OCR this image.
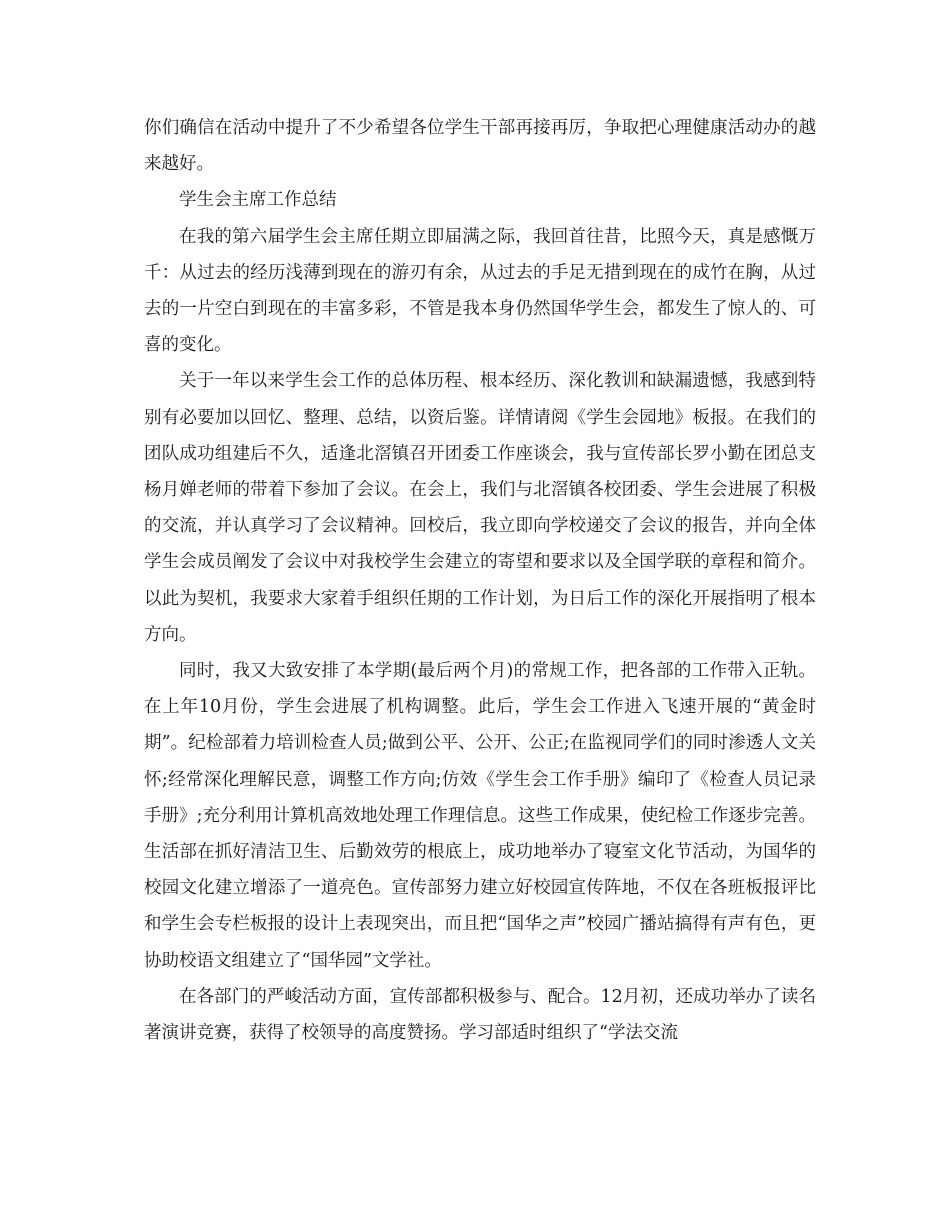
你们确信在活动中提升了不少希望各位学生干部再接再厉，争取把心理健康活动办的越来越好。

学生会主席工作总结

在我的第六届学生会主席任期立即届满之际，我回首往昔，比照今天，真是感慨万千：从过去的经历浅薄到现在的游刃有余，从过去的手足无措到现在的成竹在胸，从过去的一片空白到现在的丰富多彩，不管是我本身仍然国华学生会，都发生了惊人的、可喜的变化。

关于一年以来学生会工作的总体历程、根本经历、深化教训和缺漏遗憾，我感到特别有必要加以回忆、整理、总结，以资后鉴。详情请阅《学生会园地》板报。在我们的团队成功组建后不久，适逢北滘镇召开团委工作座谈会，我与宣传部长罗小勤在团总支杨月婵老师的带着下参加了会议。在会上，我们与北滘镇各校团委、学生会进展了积极的交流，并认真学习了会议精神。回校后，我立即向学校递交了会议的报告，并向全体学生会成员阐发了会议中对我校学生会建立的寄望和要求以及全国学联的章程和简介。以此为契机，我要求大家着手组织任期的工作计划，为日后工作的深化开展指明了根本方向。

同时，我又大致安排了本学期(最后两个月)的常规工作，把各部的工作带入正轨。在上年10月份，学生会进展了机构调整。此后，学生会工作进入飞速开展的“黄金时期”。纪检部着力培训检查人员;做到公平、公开、公正;在监视同学们的同时渗透人文关怀;经常深化理解民意，调整工作方向;仿效《学生会工作手册》编印了《检查人员记录手册》;充分利用计算机高效地处理工作理信息。这些工作成果，使纪检工作逐步完善。生活部在抓好清洁卫生、后勤效劳的根底上，成功地举办了寝室文化节活动，为国华的校园文化建立增添了一道亮色。宣传部努力建立好校园宣传阵地，不仅在各班板报评比和学生会专栏板报的设计上表现突出，而且把“国华之声”校园广播站搞得有声有色，更协助校语文组建立了“国华园”文学社。

在各部门的严峻活动方面，宣传部都积极参与、配合。12月初，还成功举办了读名著演讲竞赛，获得了校领导的高度赞扬。学习部适时组织了“学法交流
